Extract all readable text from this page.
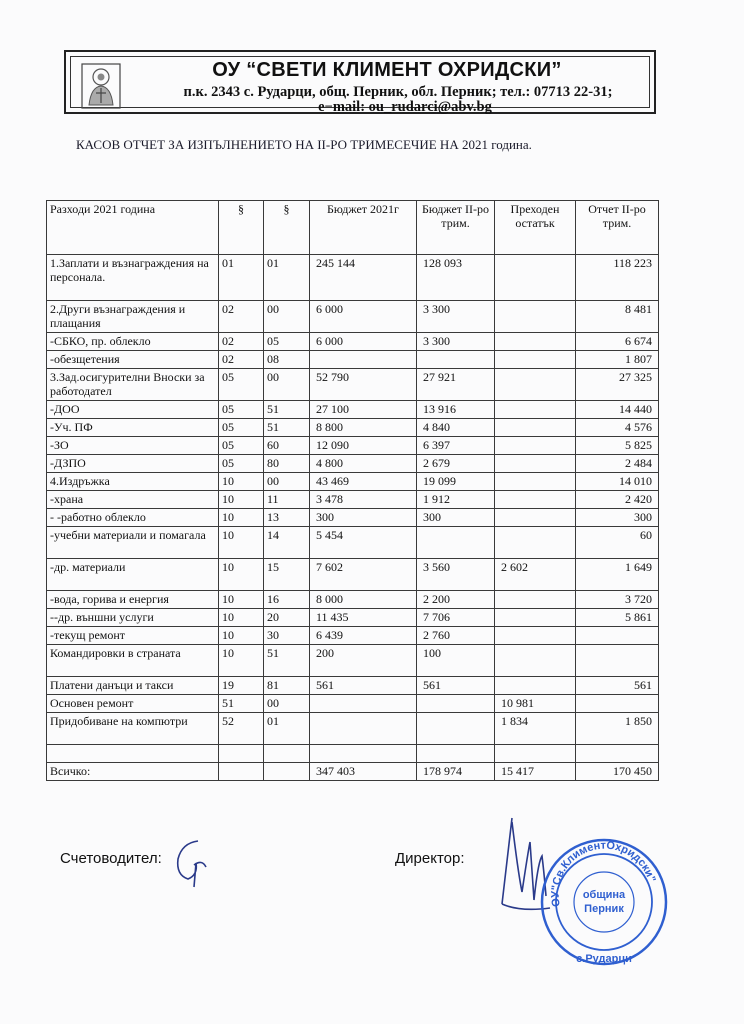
ОУ “СВЕТИ КЛИМЕНТ ОХРИДСКИ”
п.к. 2343 с. Рударци, общ. Перник, обл. Перник; тел.: 07713 22-31;
e−mail: ou_rudarci@abv.bg
КАСОВ ОТЧЕТ ЗА ИЗПЪЛНЕНИЕТО НА II-РО ТРИМЕСЕЧИЕ НА 2021 година.
Разходи 2021 година	§	§	Бюджет 2021г	Бюджет II-ро трим.	Преходен остатък	Отчет II-ро трим.
1.Заплати и възнаграждения на персонала.	01	01	245 144	128 093		118 223
2.Други възнаграждения и плащания	02	00	6 000	3 300		8 481
-СБКО, пр. облекло	02	05	6 000	3 300		6 674
-обезщетения	02	08				1 807
3.Зад.осигурителни Вноски за работодател	05	00	52 790	27 921		27 325
-ДОО	05	51	27 100	13 916		14 440
-Уч. ПФ	05	51	8 800	4 840		4 576
-ЗО	05	60	12 090	6 397		5 825
-ДЗПО	05	80	4 800	2 679		2 484
4.Издръжка	10	00	43 469	19 099		14 010
-храна	10	11	3 478	1 912		2 420
- -работно облекло	10	13	300	300		300
-учебни материали и помагала	10	14	5 454			60
-др. материали	10	15	7 602	3 560	2 602	1 649
-вода, горива и енергия	10	16	8 000	2 200		3 720
--др. външни услуги	10	20	11 435	7 706		5 861
-текущ ремонт	10	30	6 439	2 760		
Командировки в страната	10	51	200	100		
Платени данъци и такси	19	81	561	561		561
Основен ремонт	51	00			10 981	
Придобиване на компютри	52	01			1 834	1 850

Всичко:			347 403	178 974	15 417	170 450
Счетоводител:	Директор:
ОУ"Св.КлиментОхридски"
община
Перник
с.Рударци
